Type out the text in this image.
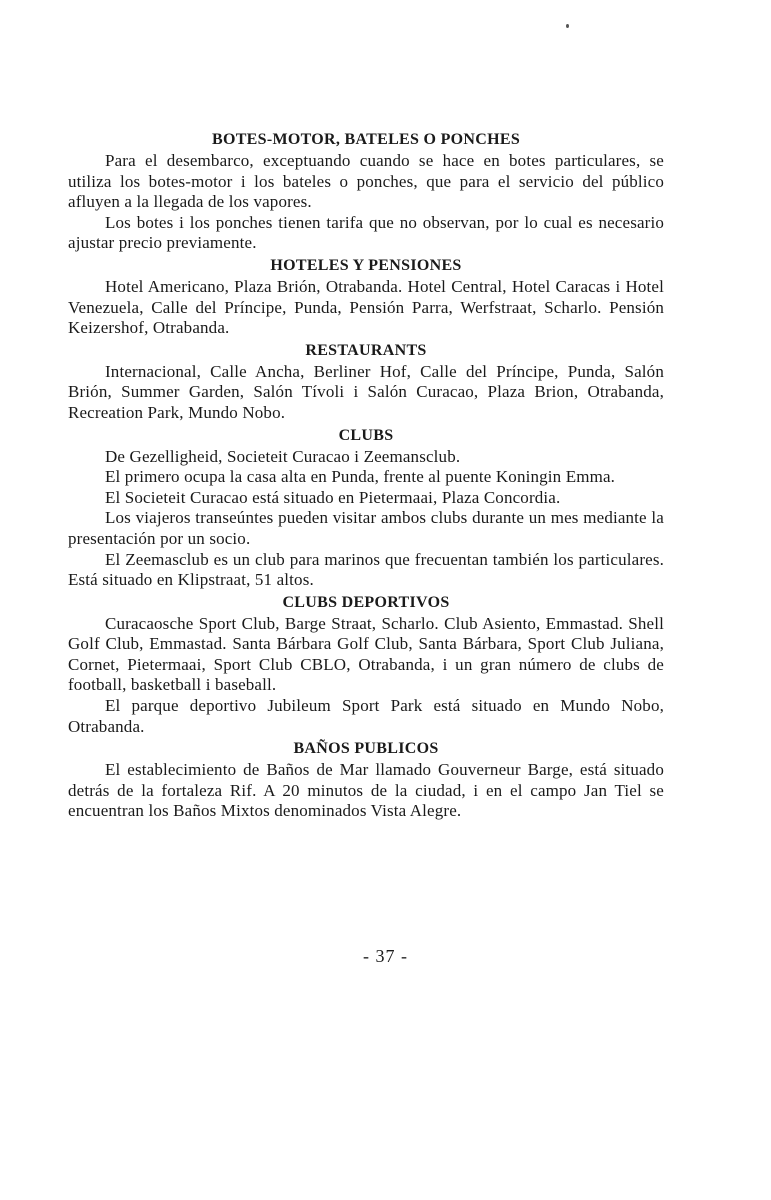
BOTES-MOTOR, BATELES O PONCHES

Para el desembarco, exceptuando cuando se hace en botes particulares, se utiliza los botes-motor i los bateles o ponches, que para el servicio del público afluyen a la llegada de los vapores.

Los botes i los ponches tienen tarifa que no observan, por lo cual es necesario ajustar precio previamente.

HOTELES Y PENSIONES

Hotel Americano, Plaza Brión, Otrabanda. Hotel Central, Hotel Caracas i Hotel Venezuela, Calle del Príncipe, Punda, Pensión Parra, Werfstraat, Scharlo. Pensión Keizershof, Otrabanda.

RESTAURANTS

Internacional, Calle Ancha, Berliner Hof, Calle del Príncipe, Punda, Salón Brión, Summer Garden, Salón Tívoli i Salón Curacao, Plaza Brion, Otrabanda, Recreation Park, Mundo Nobo.

CLUBS

De Gezelligheid, Societeit Curacao i Zeemansclub.

El primero ocupa la casa alta en Punda, frente al puente Koningin Emma.

El Societeit Curacao está situado en Pietermaai, Plaza Concordia.

Los viajeros transeúntes pueden visitar ambos clubs durante un mes mediante la presentación por un socio.

El Zeemasclub es un club para marinos que frecuentan también los particulares. Está situado en Klipstraat, 51 altos.

CLUBS DEPORTIVOS

Curacaosche Sport Club, Barge Straat, Scharlo. Club Asiento, Emmastad. Shell Golf Club, Emmastad. Santa Bárbara Golf Club, Santa Bárbara, Sport Club Juliana, Cornet, Pietermaai, Sport Club CBLO, Otrabanda, i un gran número de clubs de football, basketball i baseball.

El parque deportivo Jubileum Sport Park está situado en Mundo Nobo, Otrabanda.

BAÑOS PUBLICOS

El establecimiento de Baños de Mar llamado Gouverneur Barge, está situado detrás de la fortaleza Rif. A 20 minutos de la ciudad, i en el campo Jan Tiel se encuentran los Baños Mixtos denominados Vista Alegre.

- 37 -
